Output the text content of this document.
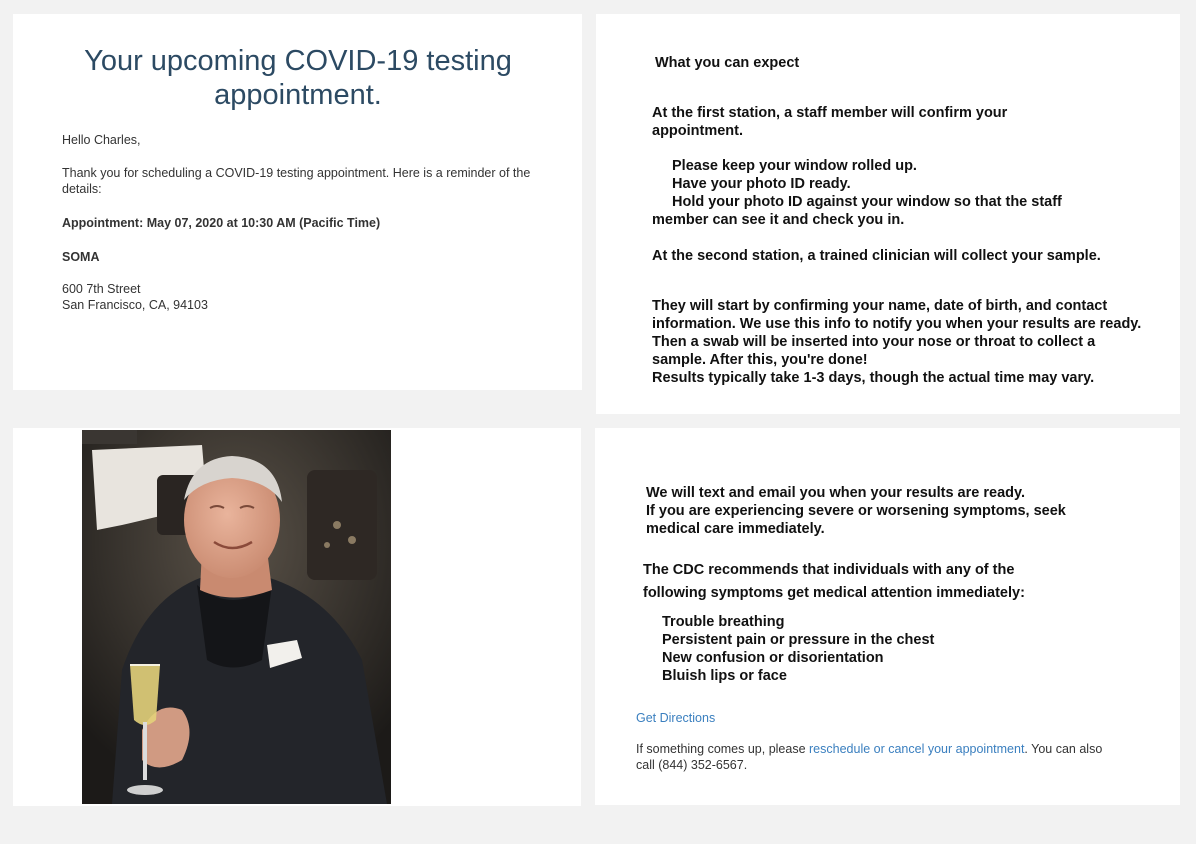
Your upcoming COVID-19 testing appointment.

Hello Charles,

Thank you for scheduling a COVID-19 testing appointment. Here is a reminder of the details:

Appointment: May 07, 2020 at 10:30 AM (Pacific Time)

SOMA

600 7th Street

San Francisco, CA, 94103

What you can expect

At the first station, a staff member will confirm your appointment.

Please keep your window rolled up.
Have your photo ID ready.
Hold your photo ID against your window so that the staff
member can see it and check you in.

At the second station, a trained clinician will collect your sample.

They will start by confirming your name, date of birth, and contact information. We use this info to notify you when your results are ready. Then a swab will be inserted into your nose or throat to collect a sample. After this, you're done!
Results typically take 1-3 days, though the actual time may vary.
We will text and email you when your results are ready.
If you are experiencing severe or worsening symptoms, seek medical care immediately.
The CDC recommends that individuals with any of the
following symptoms get medical attention immediately:
Trouble breathing
Persistent pain or pressure in the chest
New confusion or disorientation
Bluish lips or face
Get Directions

If something comes up, please reschedule or cancel your appointment. You can also call (844) 352-6567.
